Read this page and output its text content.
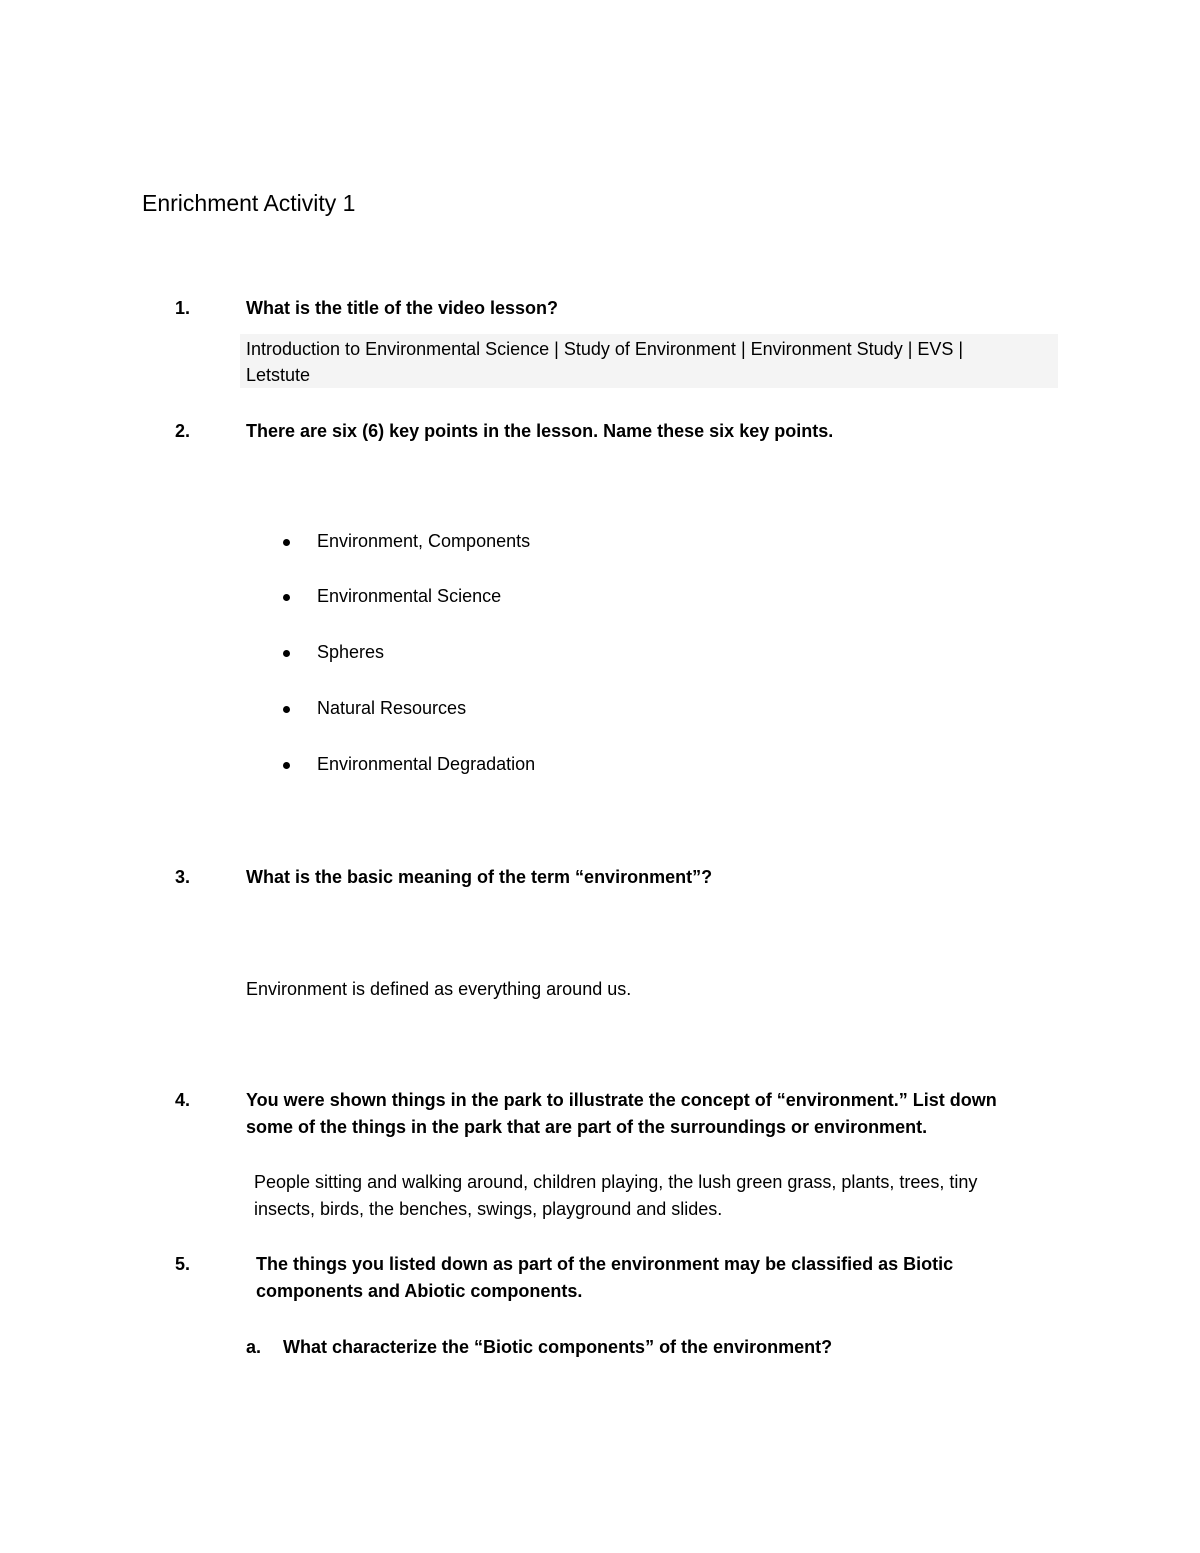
Enrichment Activity 1
1.	What is the title of the video lesson?
Introduction to Environmental Science | Study of Environment | Environment Study | EVS |
Letstute
2.	There are six (6) key points in the lesson. Name these six key points.
Environment, Components
Environmental Science
Spheres
Natural Resources
Environmental Degradation
3.	What is the basic meaning of the term “environment”?
Environment is defined as everything around us.
4.	You were shown things in the park to illustrate the concept of “environment.” List down
some of the things in the park that are part of the surroundings or environment.
People sitting and walking around, children playing, the lush green grass, plants, trees, tiny
insects, birds, the benches, swings, playground and slides.
5.	The things you listed down as part of the environment may be classified as Biotic
components and Abiotic components.
a. What characterize the “Biotic components” of the environment?
